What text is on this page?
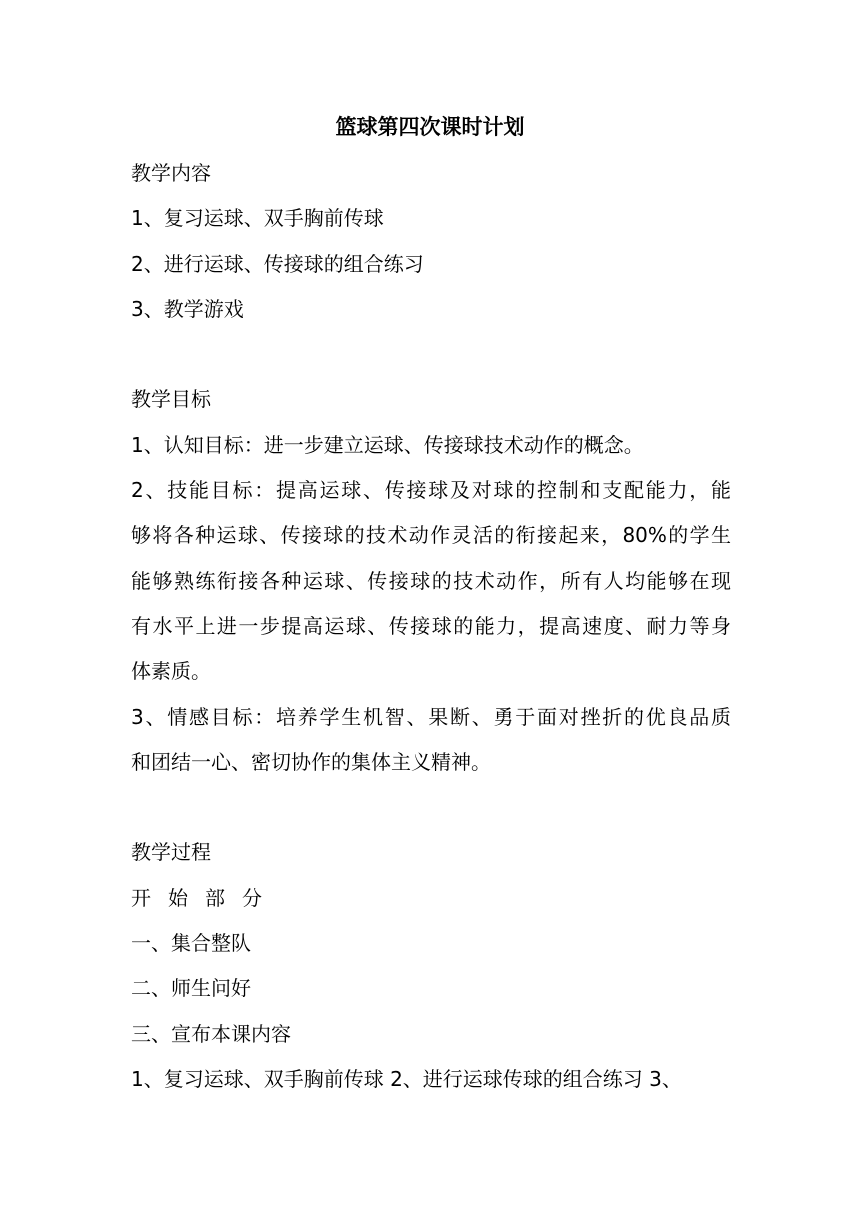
篮球第四次课时计划
教学内容
1、复习运球、双手胸前传球
2、进行运球、传接球的组合练习
3、教学游戏
教学目标
1、认知目标：进一步建立运球、传接球技术动作的概念。
2、技能目标：提高运球、传接球及对球的控制和支配能力，能
够将各种运球、传接球的技术动作灵活的衔接起来，80%的学生
能够熟练衔接各种运球、传接球的技术动作，所有人均能够在现
有水平上进一步提高运球、传接球的能力，提高速度、耐力等身
体素质。
3、情感目标：培养学生机智、果断、勇于面对挫折的优良品质
和团结一心、密切协作的集体主义精神。
教学过程
开始部分
一、集合整队
二、师生问好
三、宣布本课内容
1、复习运球、双手胸前传球 2、进行运球传球的组合练习 3、
